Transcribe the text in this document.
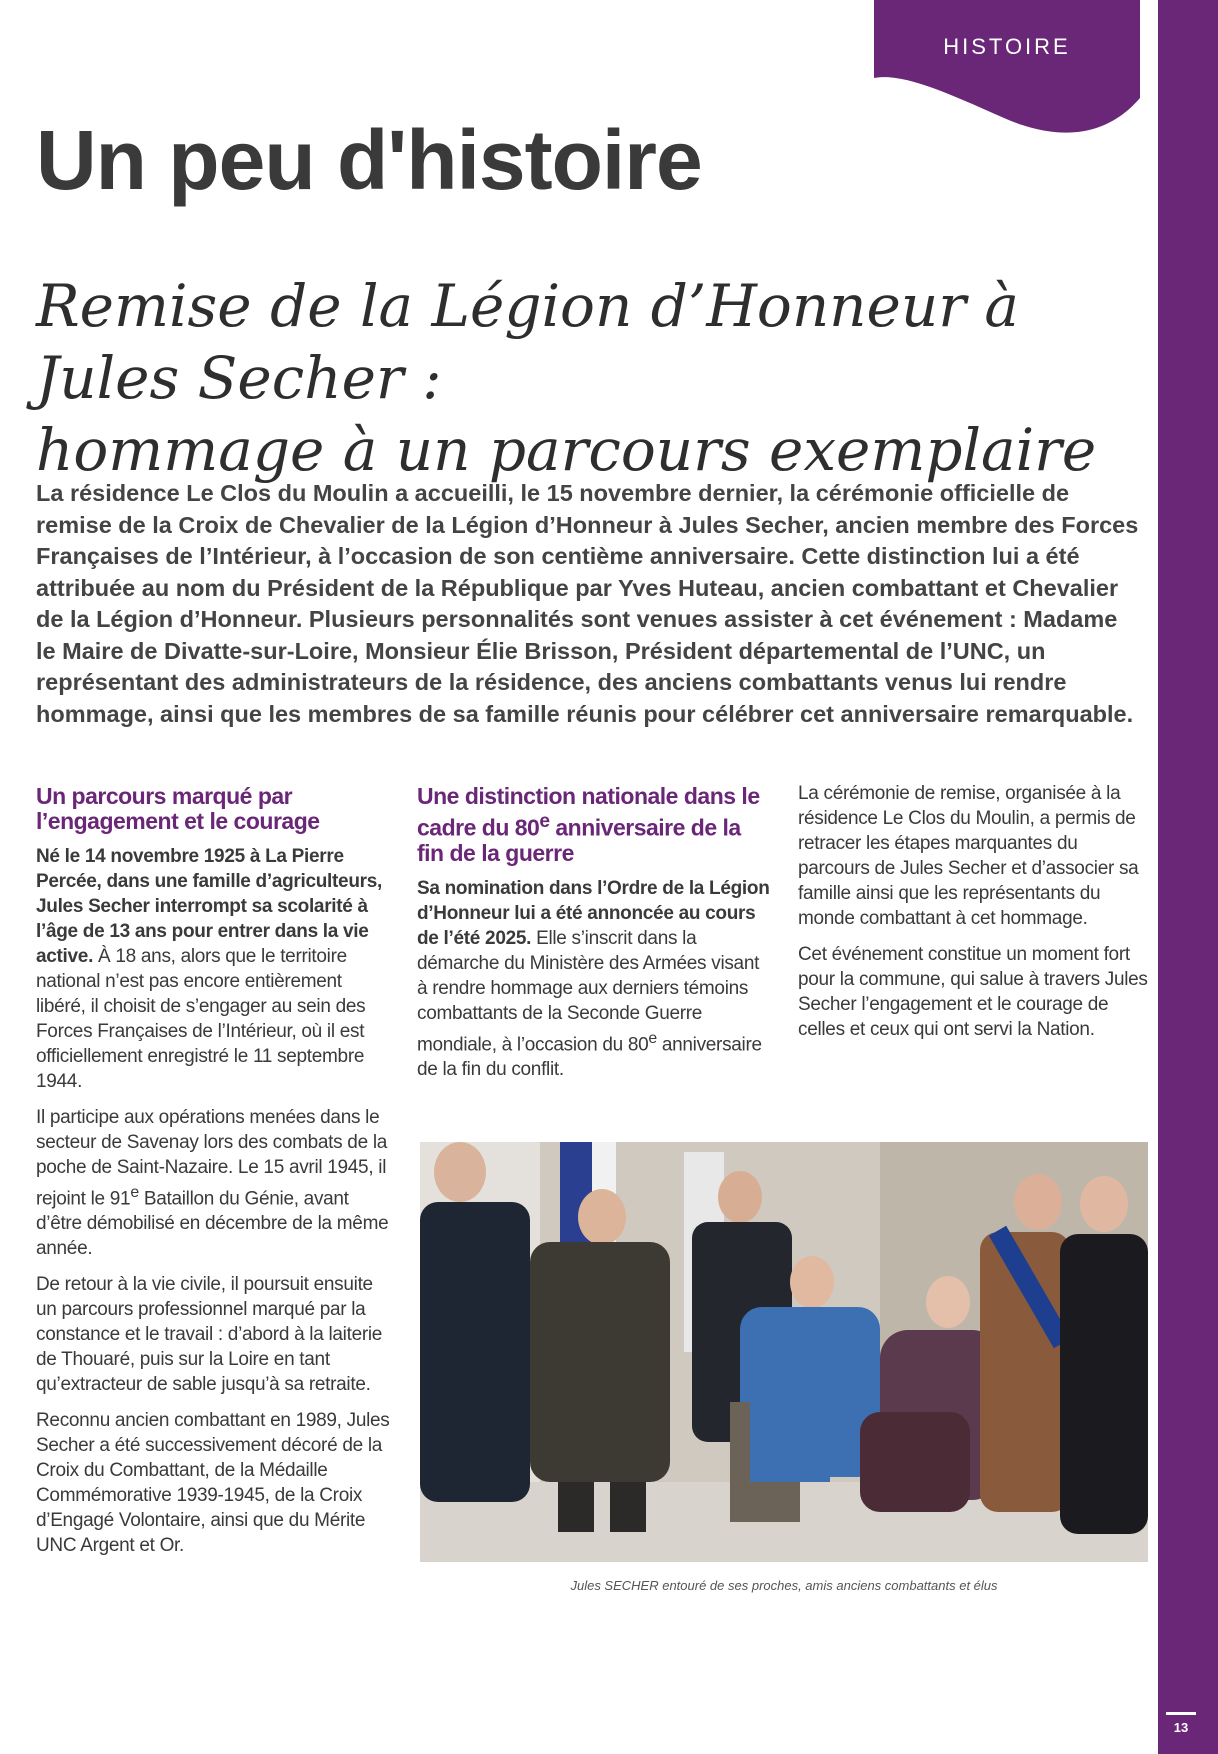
13
HISTOIRE
Un peu d'histoire
Remise de la Légion d’Honneur à Jules Secher :
hommage à un parcours exemplaire

La résidence Le Clos du Moulin a accueilli, le 15 novembre dernier, la cérémonie officielle de remise de la Croix de Chevalier de la Légion d’Honneur à Jules Secher, ancien membre des Forces Françaises de l’Intérieur, à l’occasion de son centième anniversaire. Cette distinction lui a été attribuée au nom du Président de la République par Yves Huteau, ancien combattant et Chevalier de la Légion d’Honneur. Plusieurs personnalités sont venues assister à cet événement : Madame le Maire de Divatte-sur-Loire, Monsieur Élie Brisson, Président départemental de l’UNC, un représentant des administrateurs de la résidence, des anciens combattants venus lui rendre hommage, ainsi que les membres de sa famille réunis pour célébrer cet anniversaire remarquable.

Un parcours marqué par l’engagement et le courage

Né le 14 novembre 1925 à La Pierre Percée, dans une famille d’agriculteurs, Jules Secher interrompt sa scolarité à l’âge de 13 ans pour entrer dans la vie active. À 18 ans, alors que le territoire national n’est pas encore entièrement libéré, il choisit de s’engager au sein des Forces Françaises de l’Intérieur, où il est officiellement enregistré le 11 septembre 1944.

Il participe aux opérations menées dans le secteur de Savenay lors des combats de la poche de Saint-Nazaire. Le 15 avril 1945, il rejoint le 91e Bataillon du Génie, avant d’être démobilisé en décembre de la même année.

De retour à la vie civile, il poursuit ensuite un parcours professionnel marqué par la constance et le travail : d’abord à la laiterie de Thouaré, puis sur la Loire en tant qu’extracteur de sable jusqu’à sa retraite.

Reconnu ancien combattant en 1989, Jules Secher a été successivement décoré de la Croix du Combattant, de la Médaille Commémorative 1939-1945, de la Croix d’Engagé Volontaire, ainsi que du Mérite UNC Argent et Or.

Une distinction nationale dans le cadre du 80e anniversaire de la fin de la guerre

Sa nomination dans l’Ordre de la Légion d’Honneur lui a été annoncée au cours de l’été 2025. Elle s’inscrit dans la démarche du Ministère des Armées visant à rendre hommage aux derniers témoins combattants de la Seconde Guerre mondiale, à l’occasion du 80e anniversaire de la fin du conflit.

La cérémonie de remise, organisée à la résidence Le Clos du Moulin, a permis de retracer les étapes marquantes du parcours de Jules Secher et d’associer sa famille ainsi que les représentants du monde combattant à cet hommage.

Cet événement constitue un moment fort pour la commune, qui salue à travers Jules Secher l’engagement et le courage de celles et ceux qui ont servi la Nation.

Jules SECHER entouré de ses proches, amis anciens combattants et élus
